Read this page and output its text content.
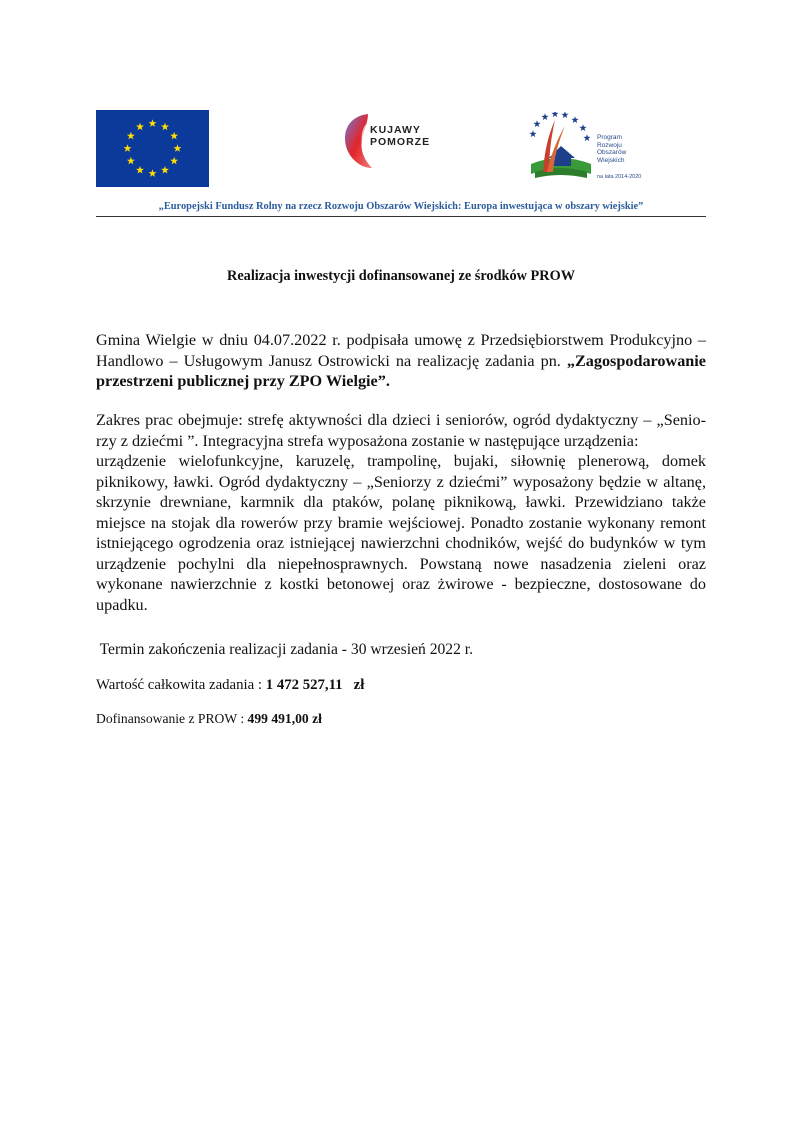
KUJAWY
POMORZE	Program
Rozwoju
Obszarów
Wiejskich
na lata 2014-2020
„Europejski Fundusz Rolny na rzecz Rozwoju Obszarów Wiejskich: Europa inwestująca w obszary wiejskie”
Realizacja inwestycji dofinansowanej ze środków PROW
Gmina Wielgie w dniu 04.07.2022 r. podpisała umowę z Przedsiębiorstwem Produkcyjno –
Handlowo – Usługowym Janusz Ostrowicki na realizację zadania pn. „Zagospodarowanie
przestrzeni publicznej przy ZPO Wielgie”.
Zakres prac obejmuje: strefę aktywności dla dzieci i seniorów, ogród dydaktyczny – „Senio-
rzy z dziećmi ”. Integracyjna strefa wyposażona zostanie w następujące urządzenia:
urządzenie wielofunkcyjne, karuzelę, trampolinę, bujaki, siłownię plenerową, domek
piknikowy, ławki. Ogród dydaktyczny – „Seniorzy z dziećmi” wyposażony będzie w altanę,
skrzynie drewniane, karmnik dla ptaków, polanę piknikową, ławki. Przewidziano także
miejsce na stojak dla rowerów przy bramie wejściowej. Ponadto zostanie wykonany remont
istniejącego ogrodzenia oraz istniejącej nawierzchni chodników, wejść do budynków w tym
urządzenie pochylni dla niepełnosprawnych. Powstaną nowe nasadzenia zieleni oraz
wykonane nawierzchnie z kostki betonowej oraz żwirowe - bezpieczne, dostosowane do
upadku.
Termin zakończenia realizacji zadania - 30 wrzesień 2022 r.
Wartość całkowita zadania : 1 472 527,11   zł
Dofinansowanie z PROW : 499 491,00 zł
